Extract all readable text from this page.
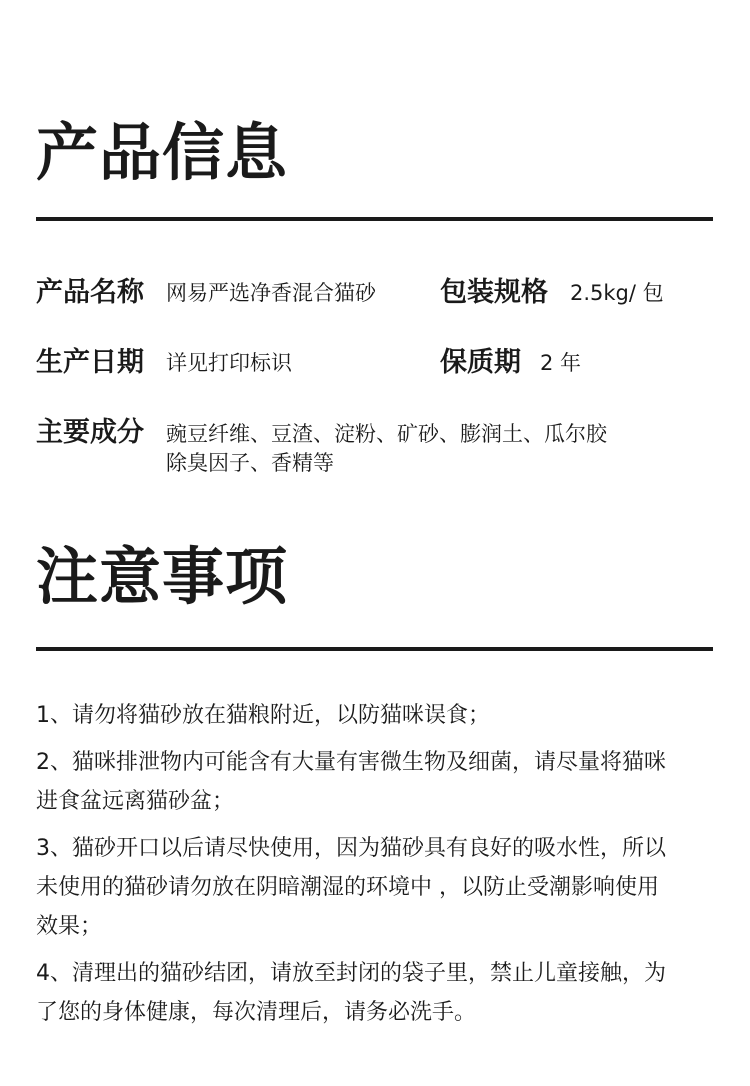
产品信息
产品名称 网易严选净香混合猫砂 包装规格 2.5kg/ 包
生产日期 详见打印标识	保质期 2 年
主要成分 豌豆纤维、豆渣、淀粉、矿砂、膨润土、瓜尔胶
除臭因子、香精等
注意事项
1、请勿将猫砂放在猫粮附近，以防猫咪误食；
2、猫咪排泄物内可能含有大量有害微生物及细菌，请尽量将猫咪
进食盆远离猫砂盆；
3、猫砂开口以后请尽快使用，因为猫砂具有良好的吸水性，所以
未使用的猫砂请勿放在阴暗潮湿的环境中 ，以防止受潮影响使用
效果；
4、清理出的猫砂结团，请放至封闭的袋子里，禁止儿童接触，为
了您的身体健康，每次清理后，请务必洗手。
